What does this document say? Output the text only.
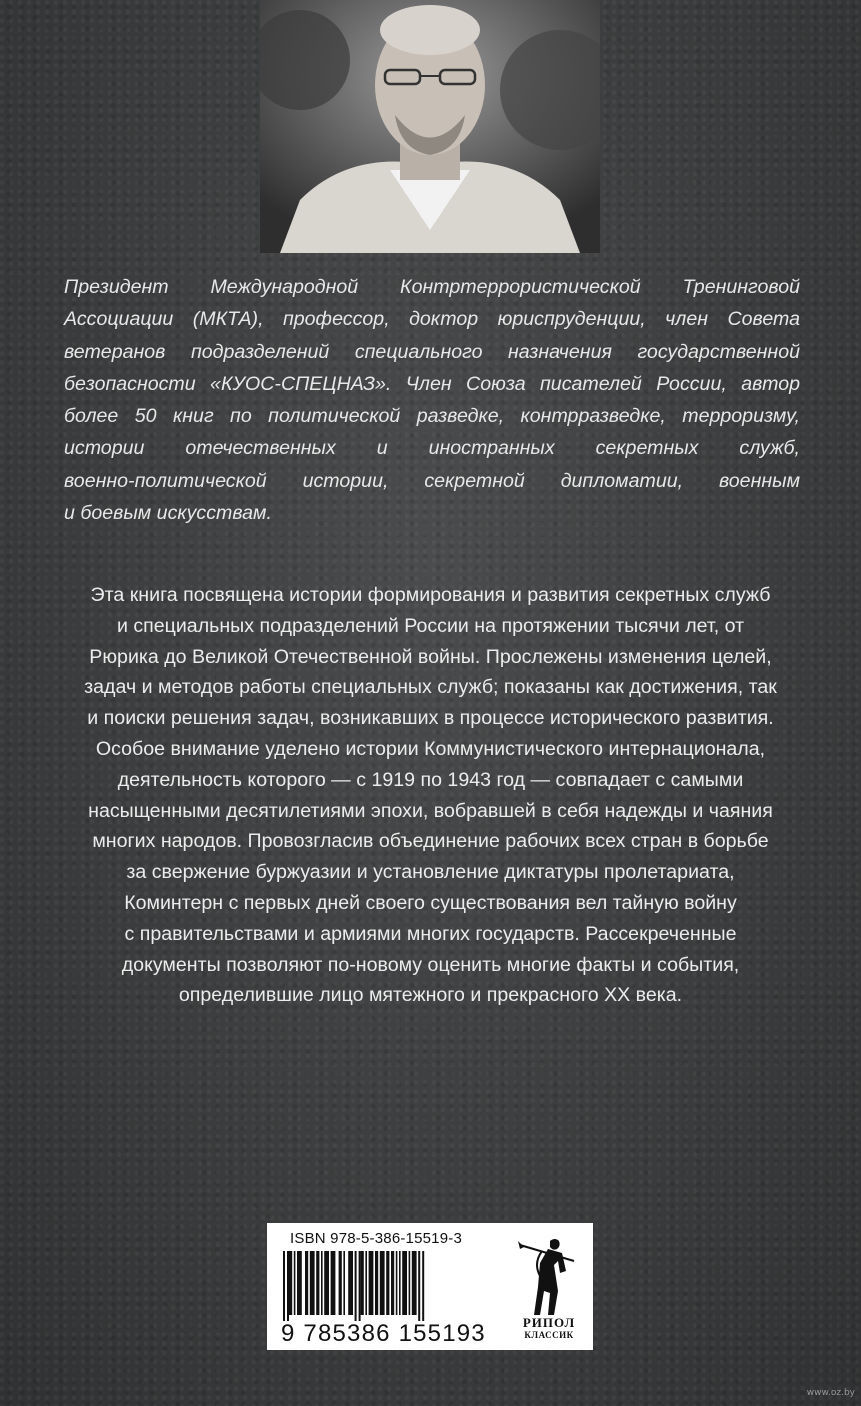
Президент Международной Контртеррористической Тренинговой
Ассоциации (МКТА), профессор, доктор юриспруденции, член Совета
ветеранов подразделений специального назначения государственной
безопасности «КУОС-СПЕЦНАЗ». Член Союза писателей России, автор
более 50 книг по политической разведке, контрразведке, терроризму,
истории отечественных и иностранных секретных служб,
военно-политической истории, секретной дипломатии, военным
и боевым искусствам.
Эта книга посвящена истории формирования и развития секретных служб
и специальных подразделений России на протяжении тысячи лет, от
Рюрика до Великой Отечественной войны. Прослежены изменения целей,
задач и методов работы специальных служб; показаны как достижения, так
и поиски решения задач, возникавших в процессе исторического развития.
Особое внимание уделено истории Коммунистического интернационала,
деятельность которого — с 1919 по 1943 год — совпадает с самыми
насыщенными десятилетиями эпохи, вобравшей в себя надежды и чаяния
многих народов. Провозгласив объединение рабочих всех стран в борьбе
за свержение буржуазии и установление диктатуры пролетариата,
Коминтерн с первых дней своего существования вел тайную войну
с правительствами и армиями многих государств. Рассекреченные
документы позволяют по-новому оценить многие факты и события,
определившие лицо мятежного и прекрасного XX века.
ISBN 978-5-386-15519-3
9 785386 155193	РИПОЛ
КЛАССИК
www.oz.by
